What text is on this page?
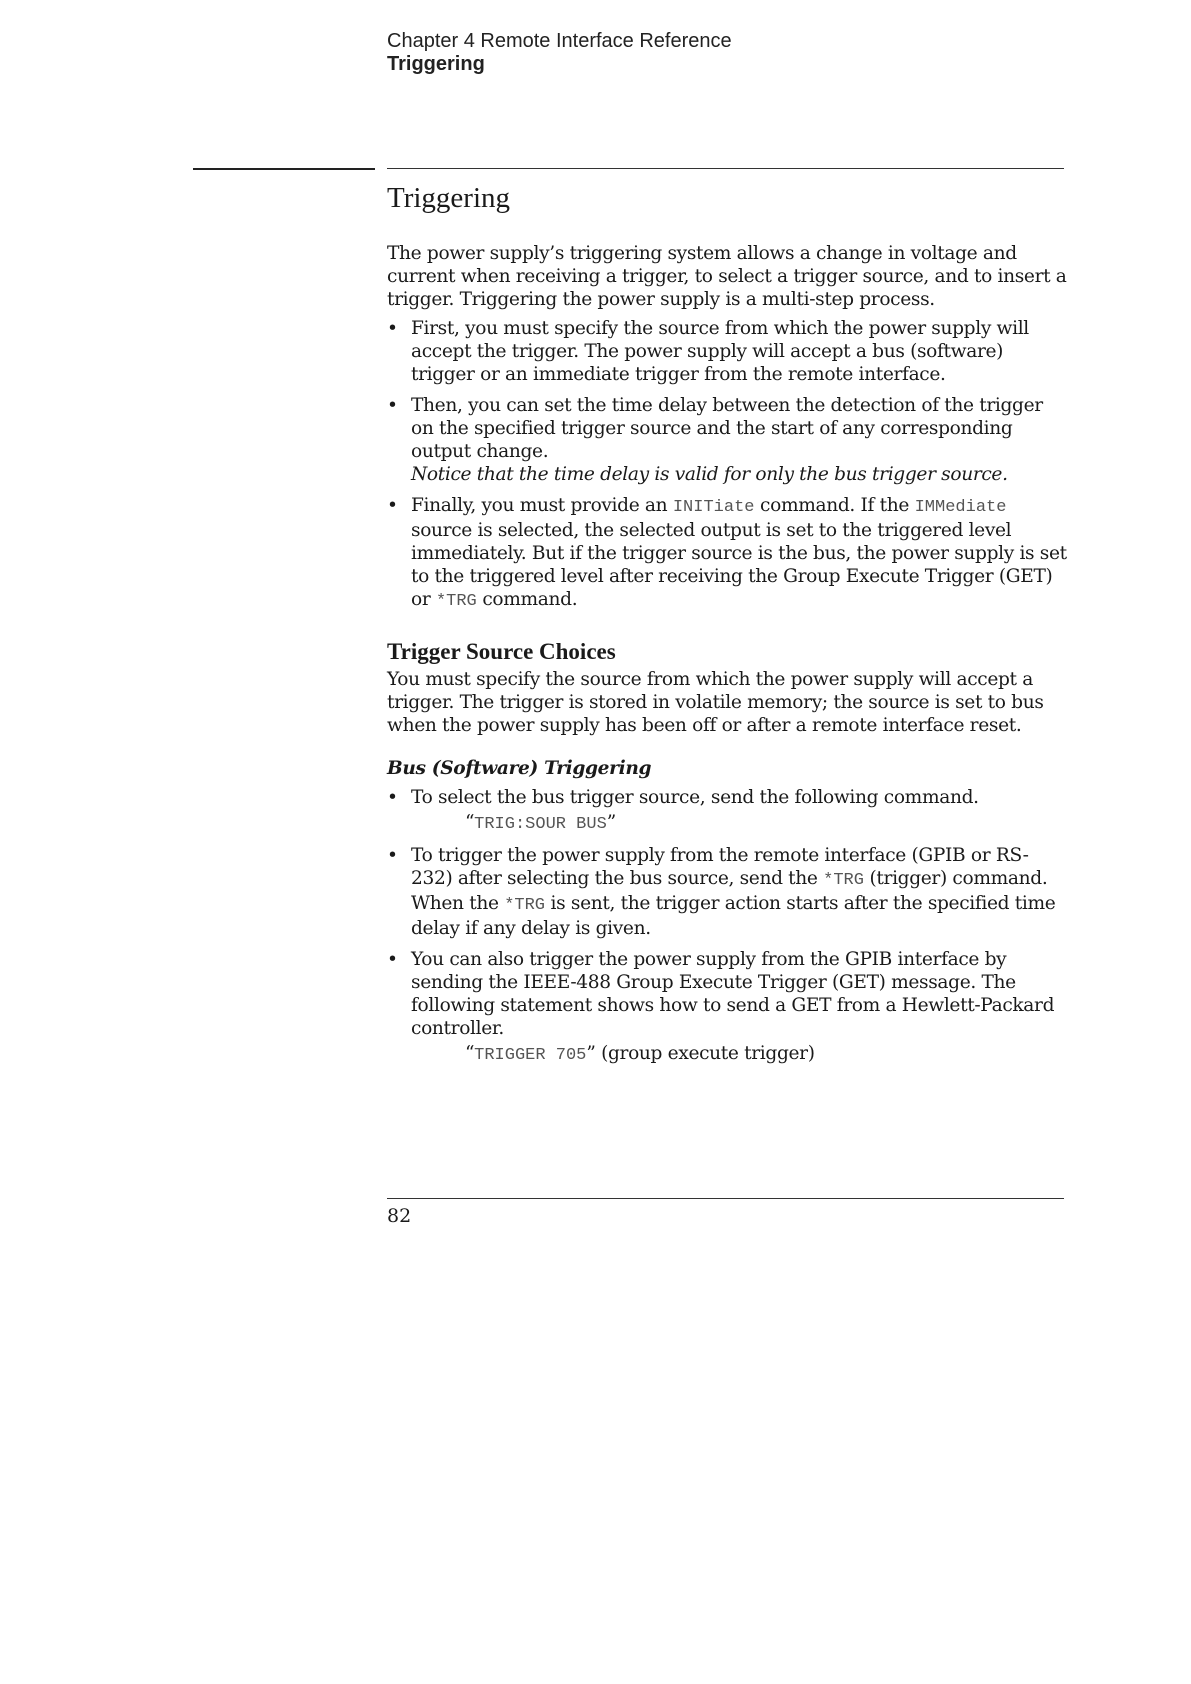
Chapter 4 Remote Interface Reference
Triggering
Triggering

The power supply’s triggering system allows a change in voltage and current when receiving a trigger, to select a trigger source, and to insert a trigger. Triggering the power supply is a multi-step process.

• First, you must specify the source from which the power supply will accept the trigger. The power supply will accept a bus (software) trigger or an immediate trigger from the remote interface.
• Then, you can set the time delay between the detection of the trigger on the specified trigger source and the start of any corresponding output change.
Notice that the time delay is valid for only the bus trigger source.
• Finally, you must provide an INITiate command. If the IMMediate source is selected, the selected output is set to the triggered level immediately. But if the trigger source is the bus, the power supply is set to the triggered level after receiving the Group Execute Trigger (GET) or *TRG command.
Trigger Source Choices

You must specify the source from which the power supply will accept a trigger. The trigger is stored in volatile memory; the source is set to bus when the power supply has been off or after a remote interface reset.

Bus (Software) Triggering
• To select the bus trigger source, send the following command.
“TRIG:SOUR BUS”
• To trigger the power supply from the remote interface (GPIB or RS-232) after selecting the bus source, send the *TRG (trigger) command. When the *TRG is sent, the trigger action starts after the specified time delay if any delay is given.
• You can also trigger the power supply from the GPIB interface by sending the IEEE-488 Group Execute Trigger (GET) message. The following statement shows how to send a GET from a Hewlett-Packard controller.
“TRIGGER 705” (group execute trigger)
82
